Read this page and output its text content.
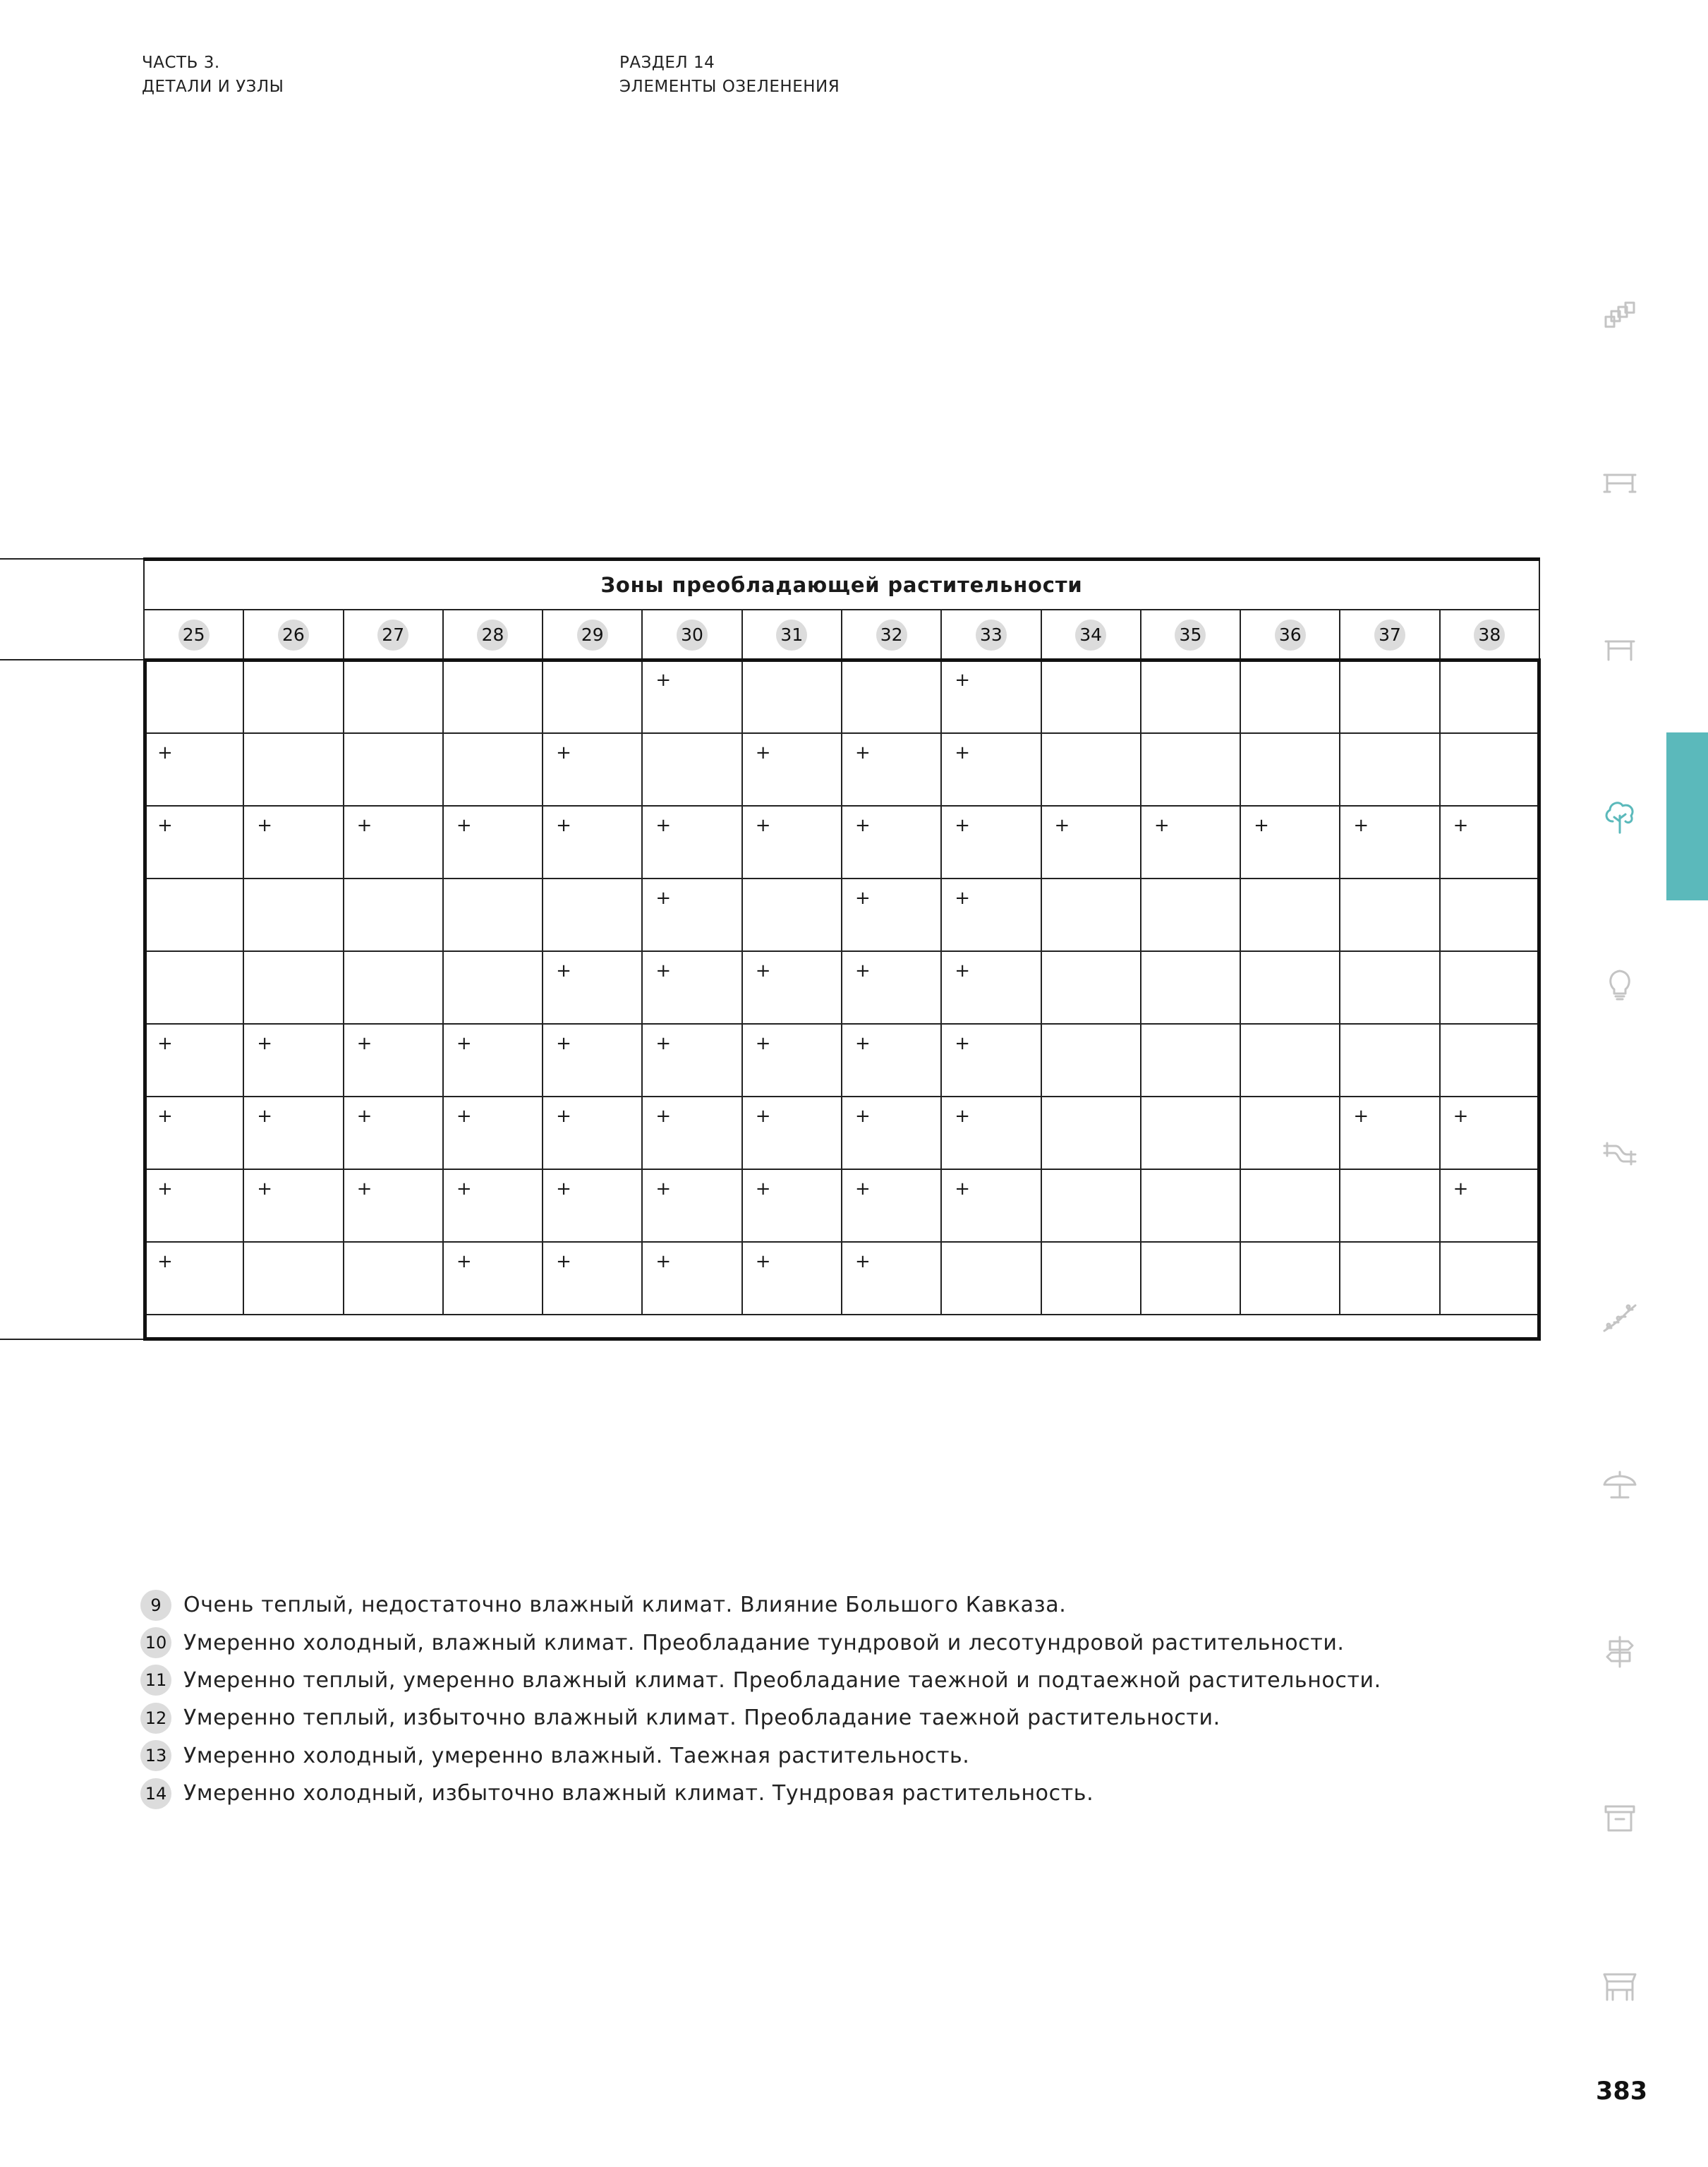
ЧАСТЬ 3.
ДЕТАЛИ И УЗЛЫ
РАЗДЕЛ 14
ЭЛЕМЕНТЫ ОЗЕЛЕНЕНИЯ
Зоны преобладающей растительности													
25	26	27	28	29	30	31	32	33	34	35	36	37	38
					+			+					
+				+		+	+	+					
+	+	+	+	+	+	+	+	+	+	+	+	+	+
					+		+	+					
				+	+	+	+	+					
+	+	+	+	+	+	+	+	+					
+	+	+	+	+	+	+	+	+				+	+
+	+	+	+	+	+	+	+	+					+
+			+	+	+	+	+						
9	Очень теплый, недостаточно влажный климат. Влияние Большого Кавказа.
10 Умеренно холодный, влажный климат. Преобладание тундровой и лесотундровой растительности.
11 Умеренно теплый, умеренно влажный климат. Преобладание таежной и подтаежной растительности.
12 Умеренно теплый, избыточно влажный климат. Преобладание таежной растительности.
13 Умеренно холодный, умеренно влажный. Таежная растительность.
14 Умеренно холодный, избыточно влажный климат. Тундровая растительность.
383
